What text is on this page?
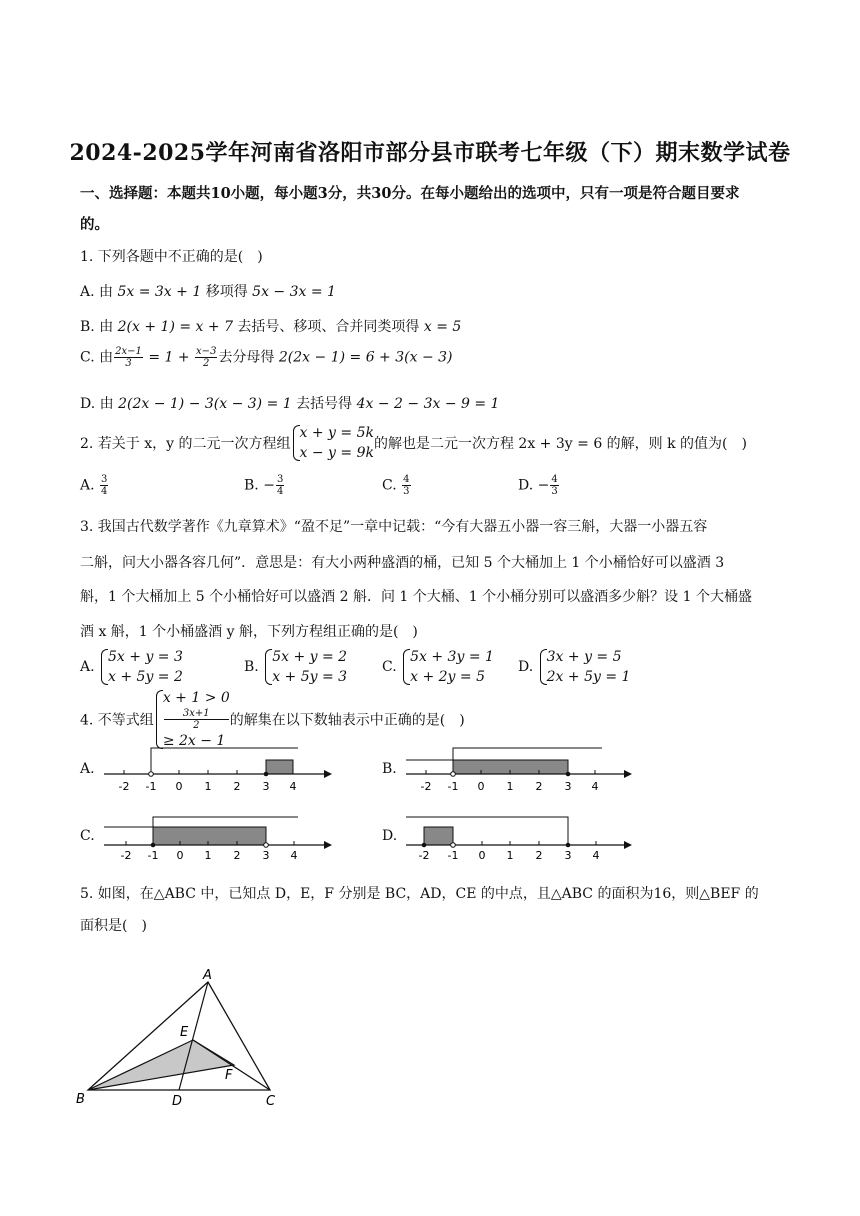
2024-2025学年河南省洛阳市部分县市联考七年级（下）期末数学试卷
一、选择题：本题共10小题，每小题3分，共30分。在每小题给出的选项中，只有一项是符合题目要求
的。
1. 下列各题中不正确的是( )
A. 由 5x = 3x + 1 移项得 5x − 3x = 1
B. 由 2(x + 1) = x + 7 去括号、移项、合并同类项得 x = 5
C. 由 $\frac{2x-1}{3} = 1 + \frac{x-3}{2}$ 去分母得 2(2x − 1) = 6 + 3(x − 3)
D. 由 2(2x − 1) − 3(x − 3) = 1 去括号得 4x − 2 − 3x − 9 = 1
2. 若关于 x，y 的二元一次方程组
x + y = 5k
x − y = 9k
的解也是二元一次方程 2x + 3y = 6 的解，则 k 的值为( )
A. $\frac{3}{4}$	B. − $\frac{3}{4}$	C. $\frac{4}{3}$	D. − $\frac{4}{3}$
3. 我国古代数学著作《九章算术》“盈不足”一章中记载：“今有大器五小器一容三斛，大器一小器五容
二斛，问大小器各容几何”．意思是：有大小两种盛酒的桶，已知 5 个大桶加上 1 个小桶恰好可以盛酒 3
斛，1 个大桶加上 5 个小桶恰好可以盛酒 2 斛．问 1 个大桶、1 个小桶分别可以盛酒多少斛？设 1 个大桶盛
酒 x 斛，1 个小桶盛酒 y 斛，下列方程组正确的是( )
A.
5x + y = 3
x + 5y = 2
B.
5x + y = 2
x + 5y = 3
C.
5x + 3y = 1
x + 2y = 5
D.
3x + y = 5
2x + 5y = 1
4. 不等式组
x + 1 > 0
3x+1
2
≥ 2x − 1
的解集在以下数轴表示中正确的是( )
A.
-2 -1 0 1 2 3 4
B.
-2 -1 0 1 2 3 4
C.
-2 -1 0 1 2 3 4
D.
-2 -1 0 1 2 3 4
5. 如图，在△ABC 中，已知点 D，E，F 分别是 BC，AD，CE 的中点，且△ABC 的面积为16，则△BEF 的
面积是( )
A
B	C
D
E
F
